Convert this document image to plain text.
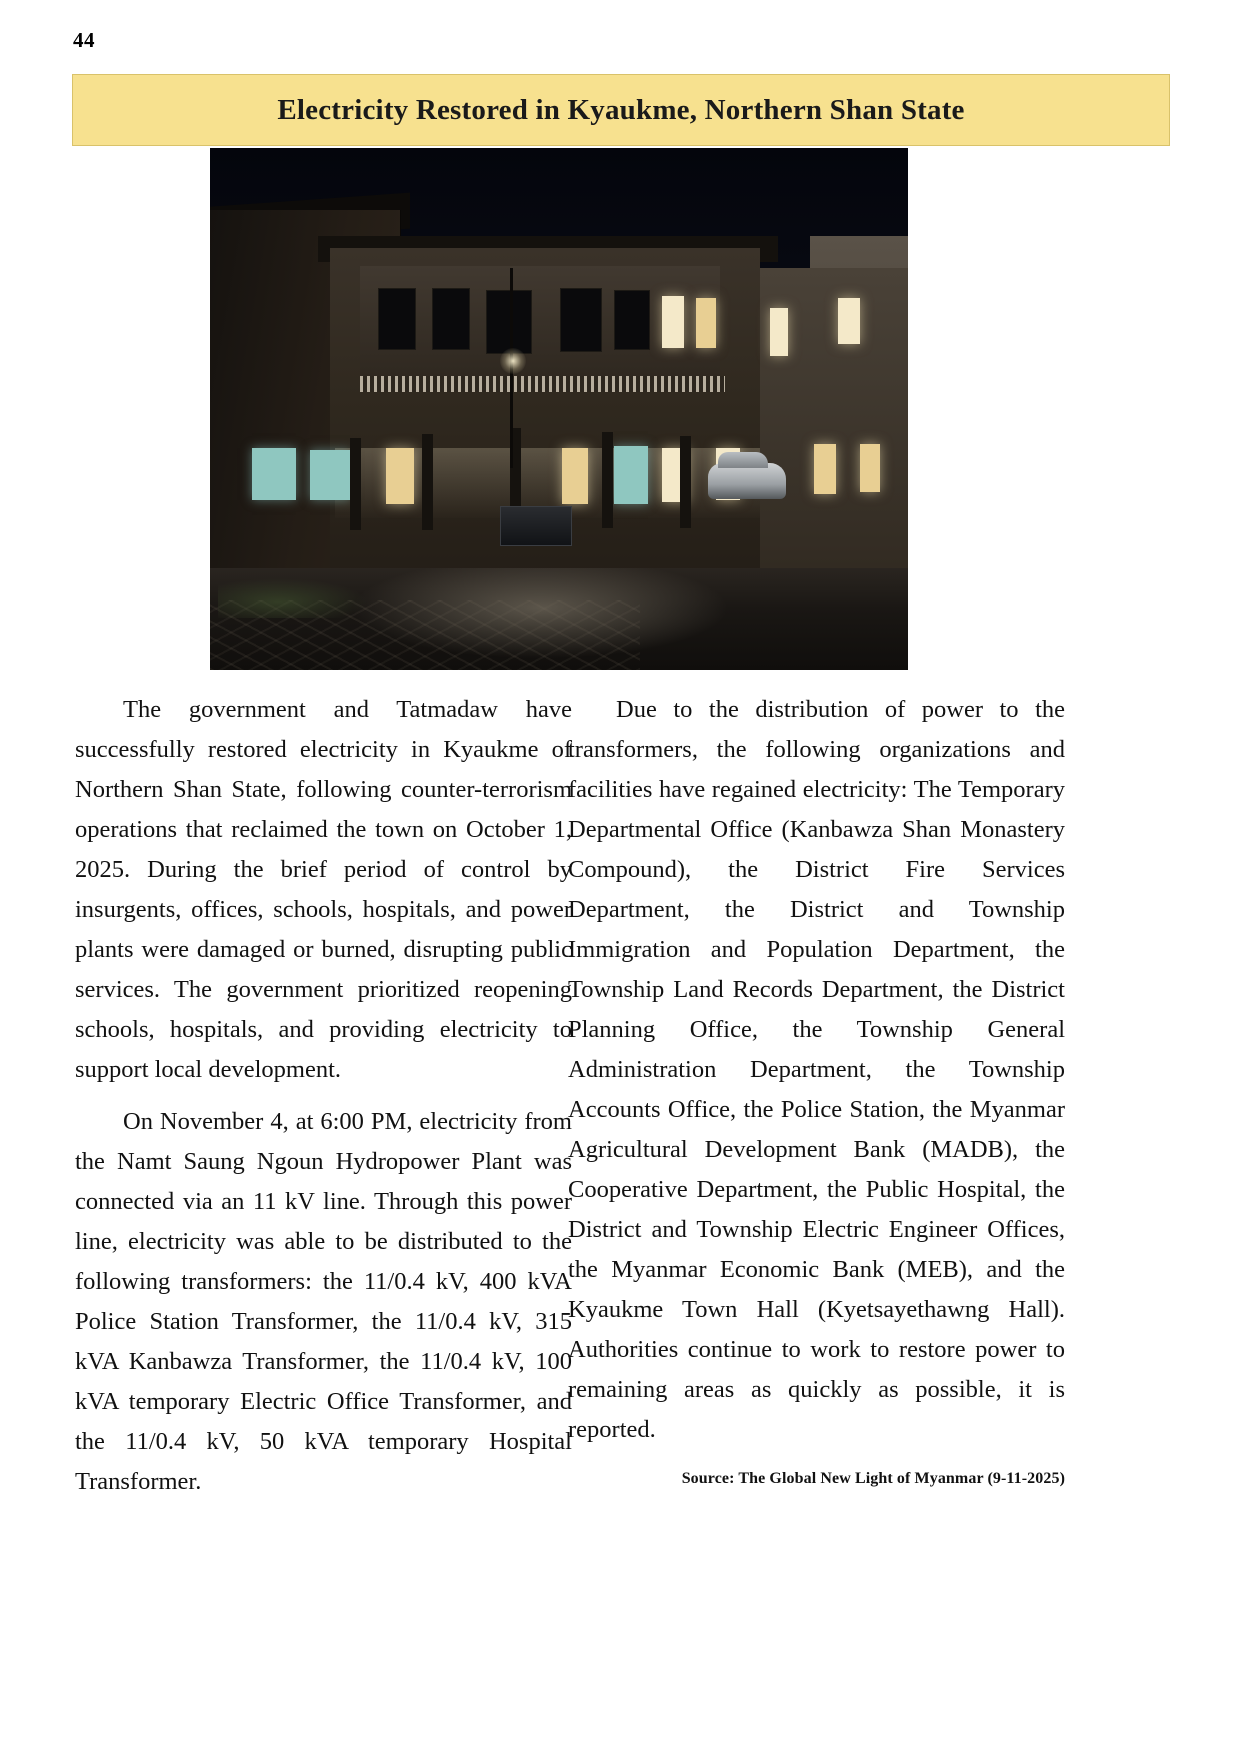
44
Electricity Restored in Kyaukme, Northern Shan State

The government and Tatmadaw have successfully restored electricity in Kyaukme of Northern Shan State, following counter-terrorism operations that reclaimed the town on October 1, 2025. During the brief period of control by insurgents, offices, schools, hospitals, and power plants were damaged or burned, disrupting public services. The government prioritized reopening schools, hospitals, and providing electricity to support local development.

On November 4, at 6:00 PM, electricity from the Namt Saung Ngoun Hydropower Plant was connected via an 11 kV line. Through this power line, electricity was able to be distributed to the following transformers: the 11/0.4 kV, 400 kVA Police Station Transformer, the 11/0.4 kV, 315 kVA Kanbawza Transformer, the 11/0.4 kV, 100 kVA temporary Electric Office Transformer, and the 11/0.4 kV, 50 kVA temporary Hospital Transformer.

Due to the distribution of power to the transformers, the following organizations and facilities have regained electricity: The Temporary Departmental Office (Kanbawza Shan Monastery Compound), the District Fire Services Department, the District and Township Immigration and Population Department, the Township Land Records Department, the District Planning Office, the Township General Administration Department, the Township Accounts Office, the Police Station, the Myanmar Agricultural Development Bank (MADB), the Cooperative Department, the Public Hospital, the District and Township Electric Engineer Offices, the Myanmar Economic Bank (MEB), and the Kyaukme Town Hall (Kyetsayethawng Hall). Authorities continue to work to restore power to remaining areas as quickly as possible, it is reported.

Source: The Global New Light of Myanmar (9-11-2025)
